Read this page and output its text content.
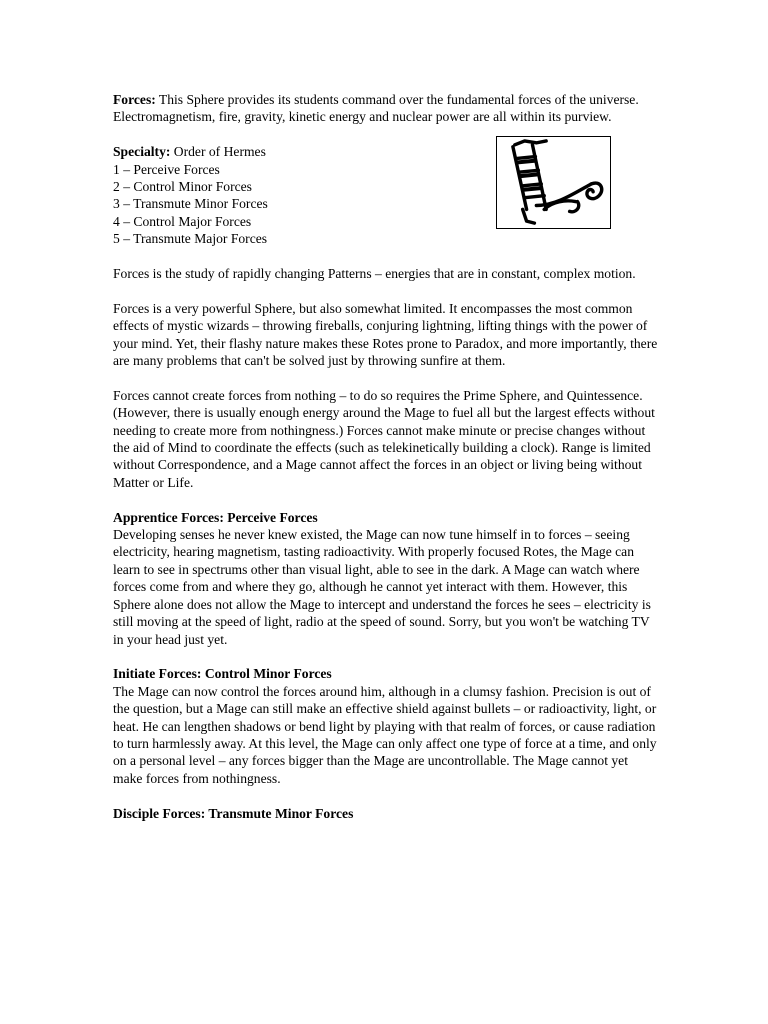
Forces: This Sphere provides its students command over the fundamental forces of the universe. Electromagnetism, fire, gravity, kinetic energy and nuclear power are all within its purview.

Specialty: Order of Hermes
1 – Perceive Forces
2 – Control Minor Forces
3 – Transmute Minor Forces
4 – Control Major Forces
5 – Transmute Major Forces

Forces is the study of rapidly changing Patterns – energies that are in constant, complex motion.

Forces is a very powerful Sphere, but also somewhat limited. It encompasses the most common effects of mystic wizards – throwing fireballs, conjuring lightning, lifting things with the power of your mind. Yet, their flashy nature makes these Rotes prone to Paradox, and more importantly, there are many problems that can't be solved just by throwing sunfire at them.

Forces cannot create forces from nothing – to do so requires the Prime Sphere, and Quintessence. (However, there is usually enough energy around the Mage to fuel all but the largest effects without needing to create more from nothingness.) Forces cannot make minute or precise changes without the aid of Mind to coordinate the effects (such as telekinetically building a clock). Range is limited without Correspondence, and a Mage cannot affect the forces in an object or living being without Matter or Life.

Apprentice Forces: Perceive Forces
Developing senses he never knew existed, the Mage can now tune himself in to forces – seeing electricity, hearing magnetism, tasting radioactivity. With properly focused Rotes, the Mage can learn to see in spectrums other than visual light, able to see in the dark. A Mage can watch where forces come from and where they go, although he cannot yet interact with them. However, this Sphere alone does not allow the Mage to intercept and understand the forces he sees – electricity is still moving at the speed of light, radio at the speed of sound. Sorry, but you won't be watching TV in your head just yet.

Initiate Forces: Control Minor Forces
The Mage can now control the forces around him, although in a clumsy fashion. Precision is out of the question, but a Mage can still make an effective shield against bullets – or radioactivity, light, or heat. He can lengthen shadows or bend light by playing with that realm of forces, or cause radiation to turn harmlessly away. At this level, the Mage can only affect one type of force at a time, and only on a personal level – any forces bigger than the Mage are uncontrollable. The Mage cannot yet make forces from nothingness.

Disciple Forces: Transmute Minor Forces
